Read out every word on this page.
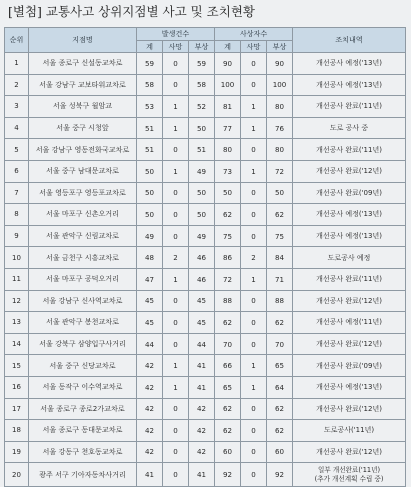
[별첨] 교통사고 상위지점별 사고 및 조치현황
순위	지점명	발생건수			사상자수			조치내역
		계	사망	부상	계	사망	부상	
1	서울 종로구 신설동교차로	59	0	59	90	0	90	개선공사 예정('13년)
2	서울 강남구 교보타워교차로	58	0	58	100	0	100	개선공사 예정('13년)
3	서울 성북구 월암교	53	1	52	81	1	80	개선공사 완료('11년)
4	서울 중구 시청앞	51	1	50	77	1	76	도로 공사 중
5	서울 강남구 영동전화국교차로	51	0	51	80	0	80	개선공사 완료('11년)
6	서울 중구 남대문교차로	50	1	49	73	1	72	개선공사 완료('12년)
7	서울 영등포구 영등포교차로	50	0	50	50	0	50	개선공사 완료('09년)
8	서울 마포구 신촌오거리	50	0	50	62	0	62	개선공사 예정('13년)
9	서울 관악구 신림교차로	49	0	49	75	0	75	개선공사 예정('13년)
10	서울 금천구 시흥교차로	48	2	46	86	2	84	도로공사 예정
11	서울 마포구 공덕오거리	47	1	46	72	1	71	개선공사 완료('11년)
12	서울 강남구 신사역교차로	45	0	45	88	0	88	개선공사 완료('12년)
13	서울 관악구 봉천교차로	45	0	45	62	0	62	개선공사 예정('11년)
14	서울 강북구 삼양입구사거리	44	0	44	70	0	70	개선공사 완료('12년)
15	서울 중구 신당교차로	42	1	41	66	1	65	개선공사 완료('09년)
16	서울 동작구 이수역교차로	42	1	41	65	1	64	개선공사 예정('13년)
17	서울 종로구 종로2가교차로	42	0	42	62	0	62	개선공사 완료('12년)
18	서울 종로구 동대문교차로	42	0	42	62	0	62	도로공사('11년)
19	서울 강동구 천호동교차로	42	0	42	60	0	60	개선공사 완료('12년)
20	광주 서구 기아자동차사거리	41	0	41	92	0	92	일부 개선완료('11년)
(추가 개선계획 수립 중)
